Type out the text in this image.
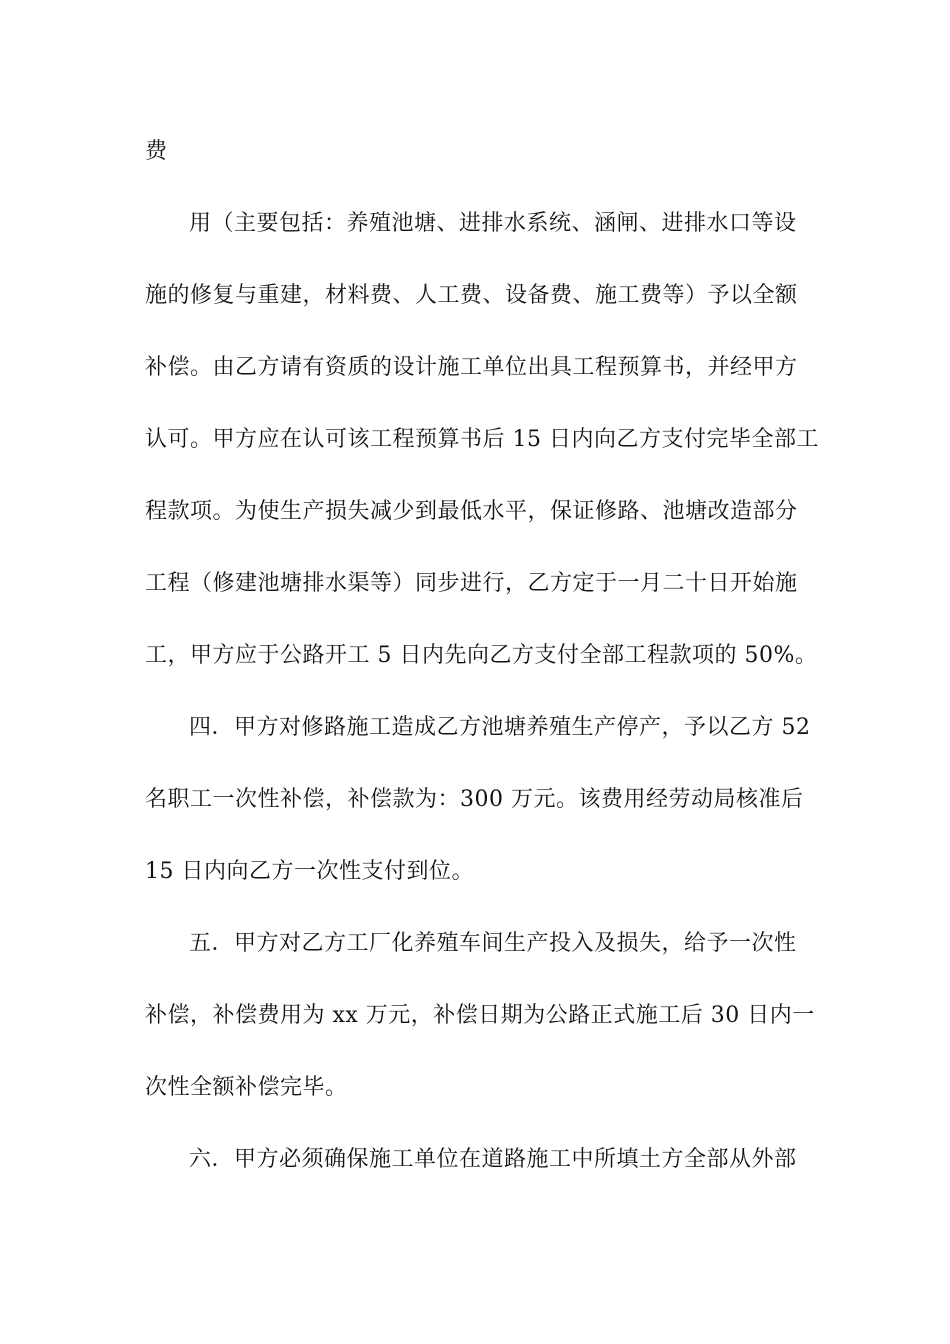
费
用（主要包括：养殖池塘、进排水系统、涵闸、进排水口等设
施的修复与重建，材料费、人工费、设备费、施工费等）予以全额
补偿。由乙方请有资质的设计施工单位出具工程预算书，并经甲方
认可。甲方应在认可该工程预算书后 15 日内向乙方支付完毕全部工
程款项。为使生产损失减少到最低水平，保证修路、池塘改造部分
工程（修建池塘排水渠等）同步进行，乙方定于一月二十日开始施
工，甲方应于公路开工 5 日内先向乙方支付全部工程款项的 50%。
四．甲方对修路施工造成乙方池塘养殖生产停产，予以乙方 52
名职工一次性补偿，补偿款为：300 万元。该费用经劳动局核准后
15 日内向乙方一次性支付到位。
五．甲方对乙方工厂化养殖车间生产投入及损失，给予一次性
补偿，补偿费用为 xx 万元，补偿日期为公路正式施工后 30 日内一
次性全额补偿完毕。
六．甲方必须确保施工单位在道路施工中所填土方全部从外部
